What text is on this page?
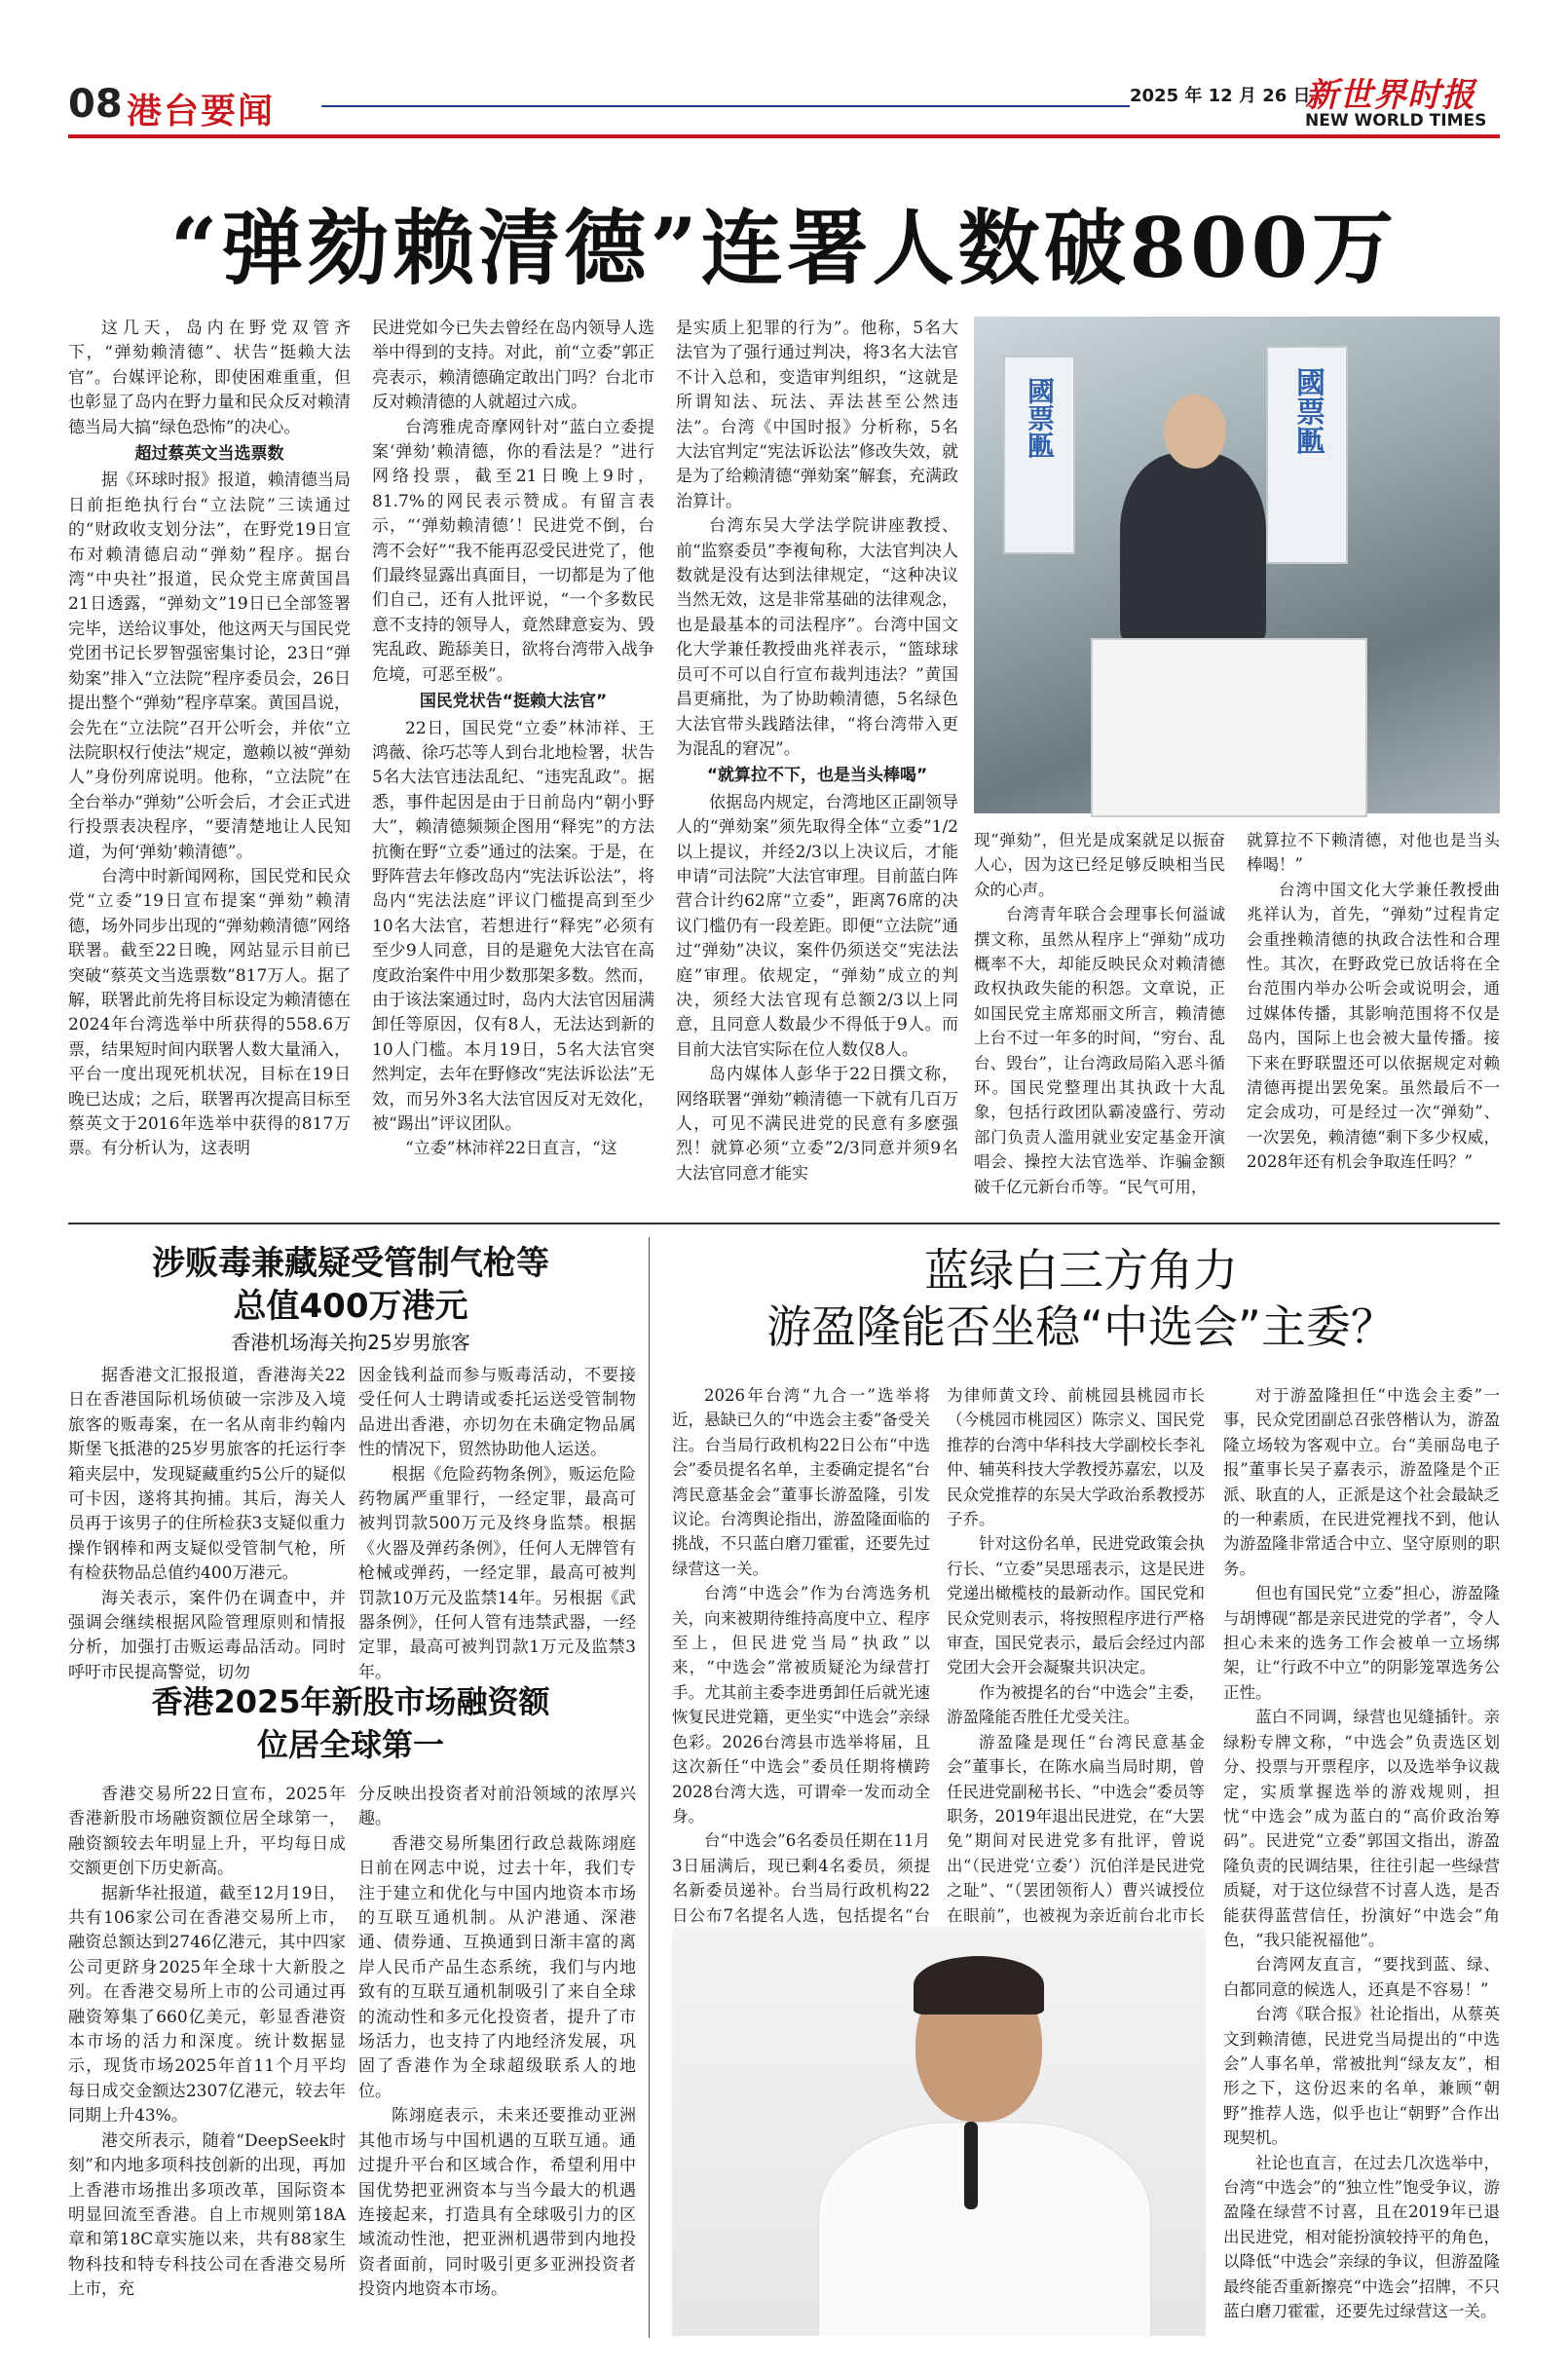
08 港台要闻	2025 年 12 月 26 日
新世界时报
NEW WORLD TIMES
“弹劾赖清德”连署人数破800万
國票匭
國票匭

这几天，岛内在野党双管齐下，“弹劾赖清德”、状告“挺赖大法官”。台媒评论称，即使困难重重，但也彰显了岛内在野力量和民众反对赖清德当局大搞“绿色恐怖”的决心。

超过蔡英文当选票数

据《环球时报》报道，赖清德当局日前拒绝执行台“立法院”三读通过的“财政收支划分法”，在野党19日宣布对赖清德启动“弹劾”程序。据台湾“中央社”报道，民众党主席黄国昌21日透露，“弹劾文”19日已全部签署完毕，送给议事处，他这两天与国民党党团书记长罗智强密集讨论，23日“弹劾案”排入“立法院”程序委员会，26日提出整个“弹劾”程序草案。黄国昌说，会先在“立法院”召开公听会，并依“立法院职权行使法”规定，邀赖以被“弹劾人”身份列席说明。他称，“立法院”在全台举办“弹劾”公听会后，才会正式进行投票表决程序，“要清楚地让人民知道，为何‘弹劾’赖清德”。

台湾中时新闻网称，国民党和民众党“立委”19日宣布提案“弹劾”赖清德，场外同步出现的“弹劾赖清德”网络联署。截至22日晚，网站显示目前已突破“蔡英文当选票数”817万人。据了解，联署此前先将目标设定为赖清德在2024年台湾选举中所获得的558.6万票，结果短时间内联署人数大量涌入，平台一度出现死机状况，目标在19日晚已达成；之后，联署再次提高目标至蔡英文于2016年选举中获得的817万票。有分析认为，这表明

民进党如今已失去曾经在岛内领导人选举中得到的支持。对此，前“立委”郭正亮表示，赖清德确定敢出门吗？台北市反对赖清德的人就超过六成。

台湾雅虎奇摩网针对“蓝白立委提案‘弹劾’赖清德，你的看法是？”进行网络投票，截至21日晚上9时，81.7%的网民表示赞成。有留言表示，“‘弹劾赖清德’！民进党不倒，台湾不会好”“我不能再忍受民进党了，他们最终显露出真面目，一切都是为了他们自己，还有人批评说，“一个多数民意不支持的领导人，竟然肆意妄为、毁宪乱政、跪舔美日，欲将台湾带入战争危境，可恶至极”。

国民党状告“挺赖大法官”

22日，国民党“立委”林沛祥、王鸿薇、徐巧芯等人到台北地检署，状告5名大法官违法乱纪、“违宪乱政”。据悉，事件起因是由于日前岛内“朝小野大”，赖清德频频企图用“释宪”的方法抗衡在野“立委”通过的法案。于是，在野阵营去年修改岛内“宪法诉讼法”，将岛内“宪法法庭”评议门槛提高到至少10名大法官，若想进行“释宪”必须有至少9人同意，目的是避免大法官在高度政治案件中用少数那架多数。然而，由于该法案通过时，岛内大法官因届满卸任等原因，仅有8人，无法达到新的10人门槛。本月19日，5名大法官突然判定，去年在野修改“宪法诉讼法”无效，而另外3名大法官因反对无效化，被“踢出”评议团队。

“立委”林沛祥22日直言，“这

是实质上犯罪的行为”。他称，5名大法官为了强行通过判决，将3名大法官不计入总和，变造审判组织，“这就是所谓知法、玩法、弄法甚至公然违法”。台湾《中国时报》分析称，5名大法官判定“宪法诉讼法”修改失效，就是为了给赖清德“弹劾案”解套，充满政治算计。

台湾东吴大学法学院讲座教授、前“监察委员”李複甸称，大法官判决人数就是没有达到法律规定，“这种决议当然无效，这是非常基础的法律观念，也是最基本的司法程序”。台湾中国文化大学兼任教授曲兆祥表示，“篮球球员可不可以自行宣布裁判违法？”黄国昌更痛批，为了协助赖清德，5名绿色大法官带头践踏法律，“将台湾带入更为混乱的窘况”。

“就算拉不下，也是当头棒喝”

依据岛内规定，台湾地区正副领导人的“弹劾案”须先取得全体“立委”1/2以上提议，并经2/3以上决议后，才能申请“司法院”大法官审理。目前蓝白阵营合计约62席“立委”，距离76席的决议门槛仍有一段差距。即便“立法院”通过“弹劾”决议，案件仍须送交“宪法法庭”审理。依规定，“弹劾”成立的判决，须经大法官现有总额2/3以上同意，且同意人数最少不得低于9人。而目前大法官实际在位人数仅8人。

岛内媒体人彭华于22日撰文称，网络联署“弹劾”赖清德一下就有几百万人，可见不满民进党的民意有多麽强烈！就算必须“立委”2/3同意并须9名大法官同意才能实

现“弹劾”，但光是成案就足以振奋人心，因为这已经足够反映相当民众的心声。

台湾青年联合会理事长何溢诚撰文称，虽然从程序上“弹劾”成功概率不大，却能反映民众对赖清德政权执政失能的积怨。文章说，正如国民党主席郑丽文所言，赖清德上台不过一年多的时间，“穷台、乱台、毁台”，让台湾政局陷入恶斗循环。国民党整理出其执政十大乱象，包括行政团队霸凌盛行、劳动部门负责人滥用就业安定基金开演唱会、操控大法官选举、诈骗金额破千亿元新台币等。“民气可用，

就算拉不下赖清德，对他也是当头棒喝！”

台湾中国文化大学兼任教授曲兆祥认为，首先，“弹劾”过程肯定会重挫赖清德的执政合法性和合理性。其次，在野政党已放话将在全台范围内举办公听会或说明会，通过媒体传播，其影响范围将不仅是岛内，国际上也会被大量传播。接下来在野联盟还可以依据规定对赖清德再提出罢免案。虽然最后不一定会成功，可是经过一次“弹劾”、一次罢免，赖清德“剩下多少权威，2028年还有机会争取连任吗？”

涉贩毒兼藏疑受管制气枪等
总值400万港元
香港机场海关拘25岁男旅客

据香港文汇报报道，香港海关22日在香港国际机场侦破一宗涉及入境旅客的贩毒案，在一名从南非约翰内斯堡飞抵港的25岁男旅客的托运行李箱夹层中，发现疑藏重约5公斤的疑似可卡因，遂将其拘捕。其后，海关人员再于该男子的住所检获3支疑似重力操作钢棒和两支疑似受管制气枪，所有检获物品总值约400万港元。

海关表示，案件仍在调查中，并强调会继续根据风险管理原则和情报分析，加强打击贩运毒品活动。同时呼吁市民提高警觉，切勿

因金钱利益而参与贩毒活动，不要接受任何人士聘请或委托运送受管制物品进出香港，亦切勿在未确定物品属性的情况下，贸然协助他人运送。

根据《危险药物条例》，贩运危险药物属严重罪行，一经定罪，最高可被判罚款500万元及终身监禁。根据《火器及弹药条例》，任何人无牌管有枪械或弹药，一经定罪，最高可被判罚款10万元及监禁14年。另根据《武器条例》，任何人管有违禁武器，一经定罪，最高可被判罚款1万元及监禁3年。

香港2025年新股市场融资额
位居全球第一

香港交易所22日宣布，2025年香港新股市场融资额位居全球第一，融资额较去年明显上升，平均每日成交额更创下历史新高。

据新华社报道，截至12月19日，共有106家公司在香港交易所上市，融资总额达到2746亿港元，其中四家公司更跻身2025年全球十大新股之列。在香港交易所上市的公司通过再融资筹集了660亿美元，彰显香港资本市场的活力和深度。统计数据显示，现货市场2025年首11个月平均每日成交金额达2307亿港元，较去年同期上升43%。

港交所表示，随着“DeepSeek时刻”和内地多项科技创新的出现，再加上香港市场推出多项改革，国际资本明显回流至香港。自上市规则第18A章和第18C章实施以来，共有88家生物科技和特专科技公司在香港交易所上市，充

分反映出投资者对前沿领域的浓厚兴趣。

香港交易所集团行政总裁陈翊庭日前在网志中说，过去十年，我们专注于建立和优化与中国内地资本市场的互联互通机制。从沪港通、深港通、债券通、互换通到日渐丰富的离岸人民币产品生态系统，我们与内地致有的互联互通机制吸引了来自全球的流动性和多元化投资者，提升了市场活力，也支持了内地经济发展，巩固了香港作为全球超级联系人的地位。

陈翊庭表示，未来还要推动亚洲其他市场与中国机遇的互联互通。通过提升平台和区域合作，希望利用中国优势把亚洲资本与当今最大的机遇连接起来，打造具有全球吸引力的区域流动性池，把亚洲机遇带到内地投资者面前，同时吸引更多亚洲投资者投资内地资本市场。

蓝绿白三方角力
游盈隆能否坐稳“中选会”主委？

2026年台湾“九合一”选举将近，悬缺已久的“中选会主委”备受关注。台当局行政机构22日公布“中选会”委员提名名单，主委确定提名“台湾民意基金会”董事长游盈隆，引发议论。台湾舆论指出，游盈隆面临的挑战，不只蓝白磨刀霍霍，还要先过绿营这一关。

台湾“中选会”作为台湾选务机关，向来被期待维持高度中立、程序至上，但民进党当局“执政”以来，“中选会”常被质疑沦为绿营打手。尤其前主委李进勇卸任后就光速恢复民进党籍，更坐实“中选会”亲绿色彩。2026台湾县市选举将届，且这次新任“中选会”委员任期将横跨2028台湾大选，可谓牵一发而动全身。

台“中选会”6名委员任期在11月3日届满后，现已剩4名委员，须提名新委员递补。台当局行政机构22日公布7名提名人选，包括提名“台

为律师黄文玲、前桃园县桃园市长（今桃园市桃园区）陈宗义、国民党推荐的台湾中华科技大学副校长李礼仲、辅英科技大学教授苏嘉宏，以及民众党推荐的东吴大学政治系教授苏子乔。

针对这份名单，民进党政策会执行长、“立委”吴思瑶表示，这是民进党递出橄榄枝的最新动作。国民党和民众党则表示，将按照程序进行严格审查，国民党表示，最后会经过内部党团大会开会凝聚共识决定。

作为被提名的台“中选会”主委，游盈隆能否胜任尤受关注。

游盈隆是现任“台湾民意基金会”董事长，在陈水扁当局时期，曾任民进党副秘书长、“中选会”委员等职务，2019年退出民进党，在“大罢免”期间对民进党多有批评，曾说出“（民进党‘立委’）沉伯洋是民进党之耻”、“（罢团领衔人）曹兴诚授位在眼前”，也被视为亲近前台北市长

对于游盈隆担任“中选会主委”一事，民众党团副总召张啓楷认为，游盈隆立场较为客观中立。台“美丽岛电子报”董事长吴子嘉表示，游盈隆是个正派、耿直的人，正派是这个社会最缺乏的一种素质，在民进党裡找不到，他认为游盈隆非常适合中立、坚守原则的职务。

但也有国民党“立委”担心，游盈隆与胡博砚“都是亲民进党的学者”，令人担心未来的选务工作会被单一立场绑架，让“行政不中立”的阴影笼罩选务公正性。

蓝白不同调，绿营也见缝插针。亲绿粉专牌文称，“中选会”负责选区划分、投票与开票程序，以及选举争议裁定，实质掌握选举的游戏规则，担忧“中选会”成为蓝白的“高价政治筹码”。民进党“立委”郭国文指出，游盈隆负责的民调结果，往往引起一些绿营质疑，对于这位绿营不讨喜人选，是否能获得蓝营信任，扮演好“中选会”角色，“我只能祝福他”。

台湾网友直言，“要找到蓝、绿、白都同意的候选人，还真是不容易！”

台湾《联合报》社论指出，从蔡英文到赖清德，民进党当局提出的“中选会”人事名单，常被批判“绿友友”，相形之下，这份迟来的名单，兼顾“朝野”推荐人选，似乎也让“朝野”合作出现契机。

社论也直言，在过去几次选举中，台湾“中选会”的“独立性”饱受争议，游盈隆在绿营不讨喜，且在2019年已退出民进党，相对能扮演较持平的角色，以降低“中选会”亲绿的争议，但游盈隆最终能否重新擦亮“中选会”招牌，不只蓝白磨刀霍霍，还要先过绿营这一关。
